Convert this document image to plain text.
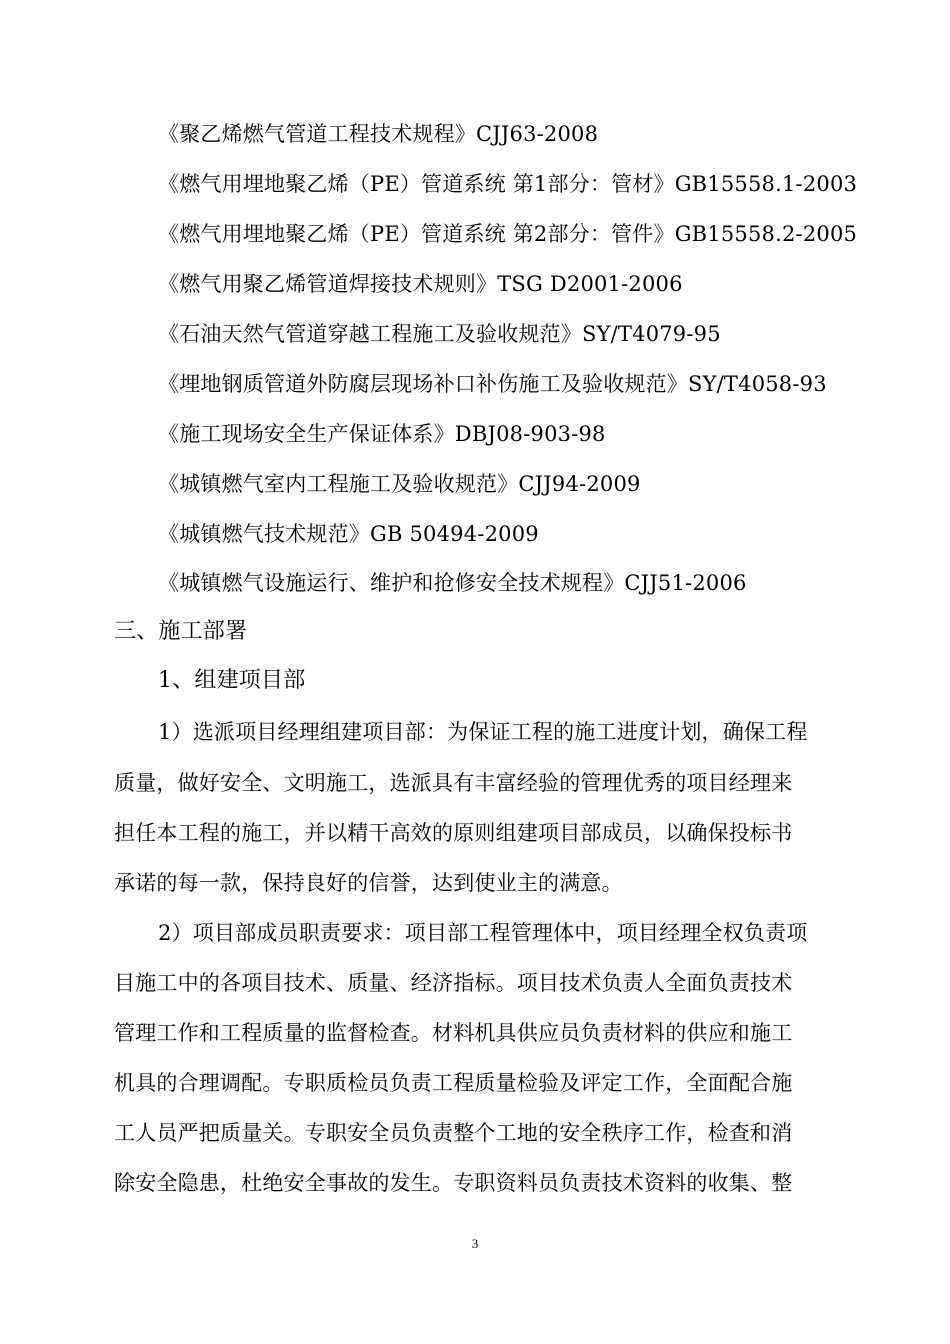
《聚乙烯燃气管道工程技术规程》CJJ63-2008
《燃气用埋地聚乙烯（PE）管道系统 第1部分：管材》GB15558.1-2003
《燃气用埋地聚乙烯（PE）管道系统 第2部分：管件》GB15558.2-2005
《燃气用聚乙烯管道焊接技术规则》TSG D2001-2006
《石油天然气管道穿越工程施工及验收规范》SY/T4079-95
《埋地钢质管道外防腐层现场补口补伤施工及验收规范》SY/T4058-93
《施工现场安全生产保证体系》DBJ08-903-98
《城镇燃气室内工程施工及验收规范》CJJ94-2009
《城镇燃气技术规范》GB 50494-2009
《城镇燃气设施运行、维护和抢修安全技术规程》CJJ51-2006
三、施工部署
1、组建项目部
1）选派项目经理组建项目部：为保证工程的施工进度计划，确保工程
质量，做好安全、文明施工，选派具有丰富经验的管理优秀的项目经理来
担任本工程的施工，并以精干高效的原则组建项目部成员，以确保投标书
承诺的每一款，保持良好的信誉，达到使业主的满意。
2）项目部成员职责要求：项目部工程管理体中，项目经理全权负责项
目施工中的各项目技术、质量、经济指标。项目技术负责人全面负责技术
管理工作和工程质量的监督检查。材料机具供应员负责材料的供应和施工
机具的合理调配。专职质检员负责工程质量检验及评定工作，全面配合施
工人员严把质量关。专职安全员负责整个工地的安全秩序工作，检查和消
除安全隐患，杜绝安全事故的发生。专职资料员负责技术资料的收集、整
3
